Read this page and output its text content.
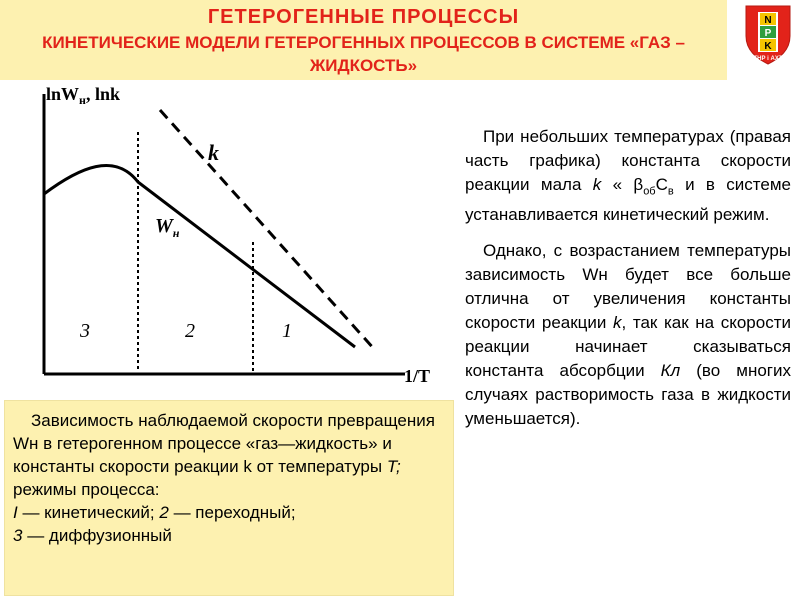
ГЕТЕРОГЕННЫЕ ПРОЦЕССЫ
КИНЕТИЧЕСКИЕ МОДЕЛИ ГЕТЕРОГЕННЫХ ПРОЦЕССОВ В СИСТЕМЕ «ГАЗ – ЖИДКОСТЬ»
N
P
K
ТНР і АХТ
lnW$_н$, lnk
1/T
k
$W_н$
3	2	1

При небольших температурах (правая часть графика) константа скорости реакции мала k « $\beta_{об}С_в$ и в системе устанавливается кинетический режим.

Однако, с возрастанием температуры зависимость Wн будет все больше отлична от увеличения константы скорости реакции k, так как на скорости реакции начинает сказываться константа абсорбции Кл (во многих случаях растворимость газа в жидкости уменьшается).

Зависимость наблюдаемой скорости превращения Wн в гетерогенном процессе «газ—жидкость» и константы скорости реакции k от температуры T; режимы процесса:
I — кинетический; 2 — переходный;
3 — диффузионный
